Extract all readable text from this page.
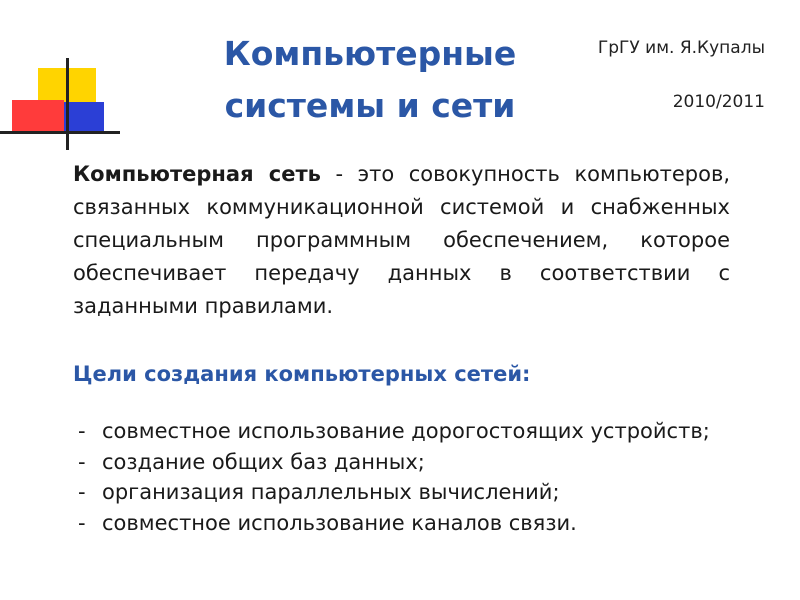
Компьютерные
системы и сети
ГрГУ им. Я.Купалы
2010/2011
Компьютерная сеть - это совокупность компьютеров, связанных коммуникационной системой и снабженных специальным программным обеспечением, которое обеспечивает передачу данных в соответствии с заданными правилами.
Цели создания компьютерных сетей:
- совместное использование дорогостоящих устройств;
- создание общих баз данных;
- организация параллельных вычислений;
- совместное использование каналов связи.
